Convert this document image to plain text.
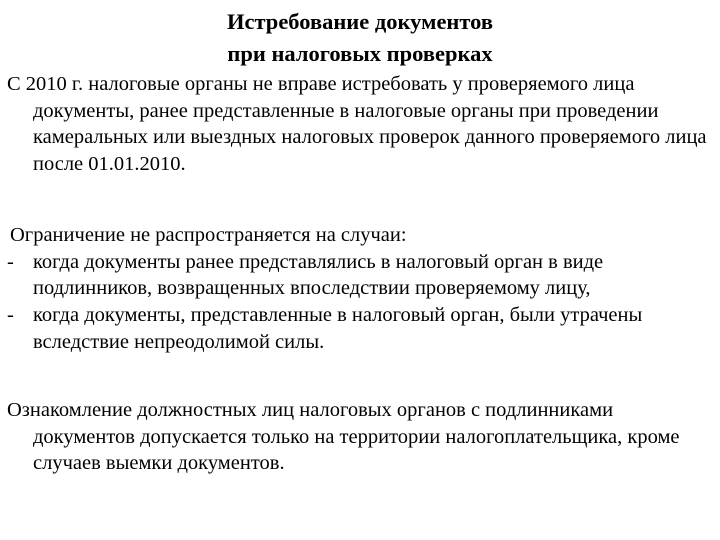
Истребование документов
при налоговых проверках
С 2010 г. налоговые органы не вправе истребовать у проверяемого лица документы, ранее представленные в налоговые органы при проведении камеральных или выездных налоговых проверок данного проверяемого лица после 01.01.2010.
Ограничение не распространяется на случаи:
- когда документы ранее представлялись в налоговый орган в виде подлинников, возвращенных впоследствии проверяемому лицу,
- когда документы, представленные в налоговый орган, были утрачены вследствие непреодолимой силы.
Ознакомление должностных лиц налоговых органов с подлинниками документов допускается только на территории налогоплательщика, кроме случаев выемки документов.
